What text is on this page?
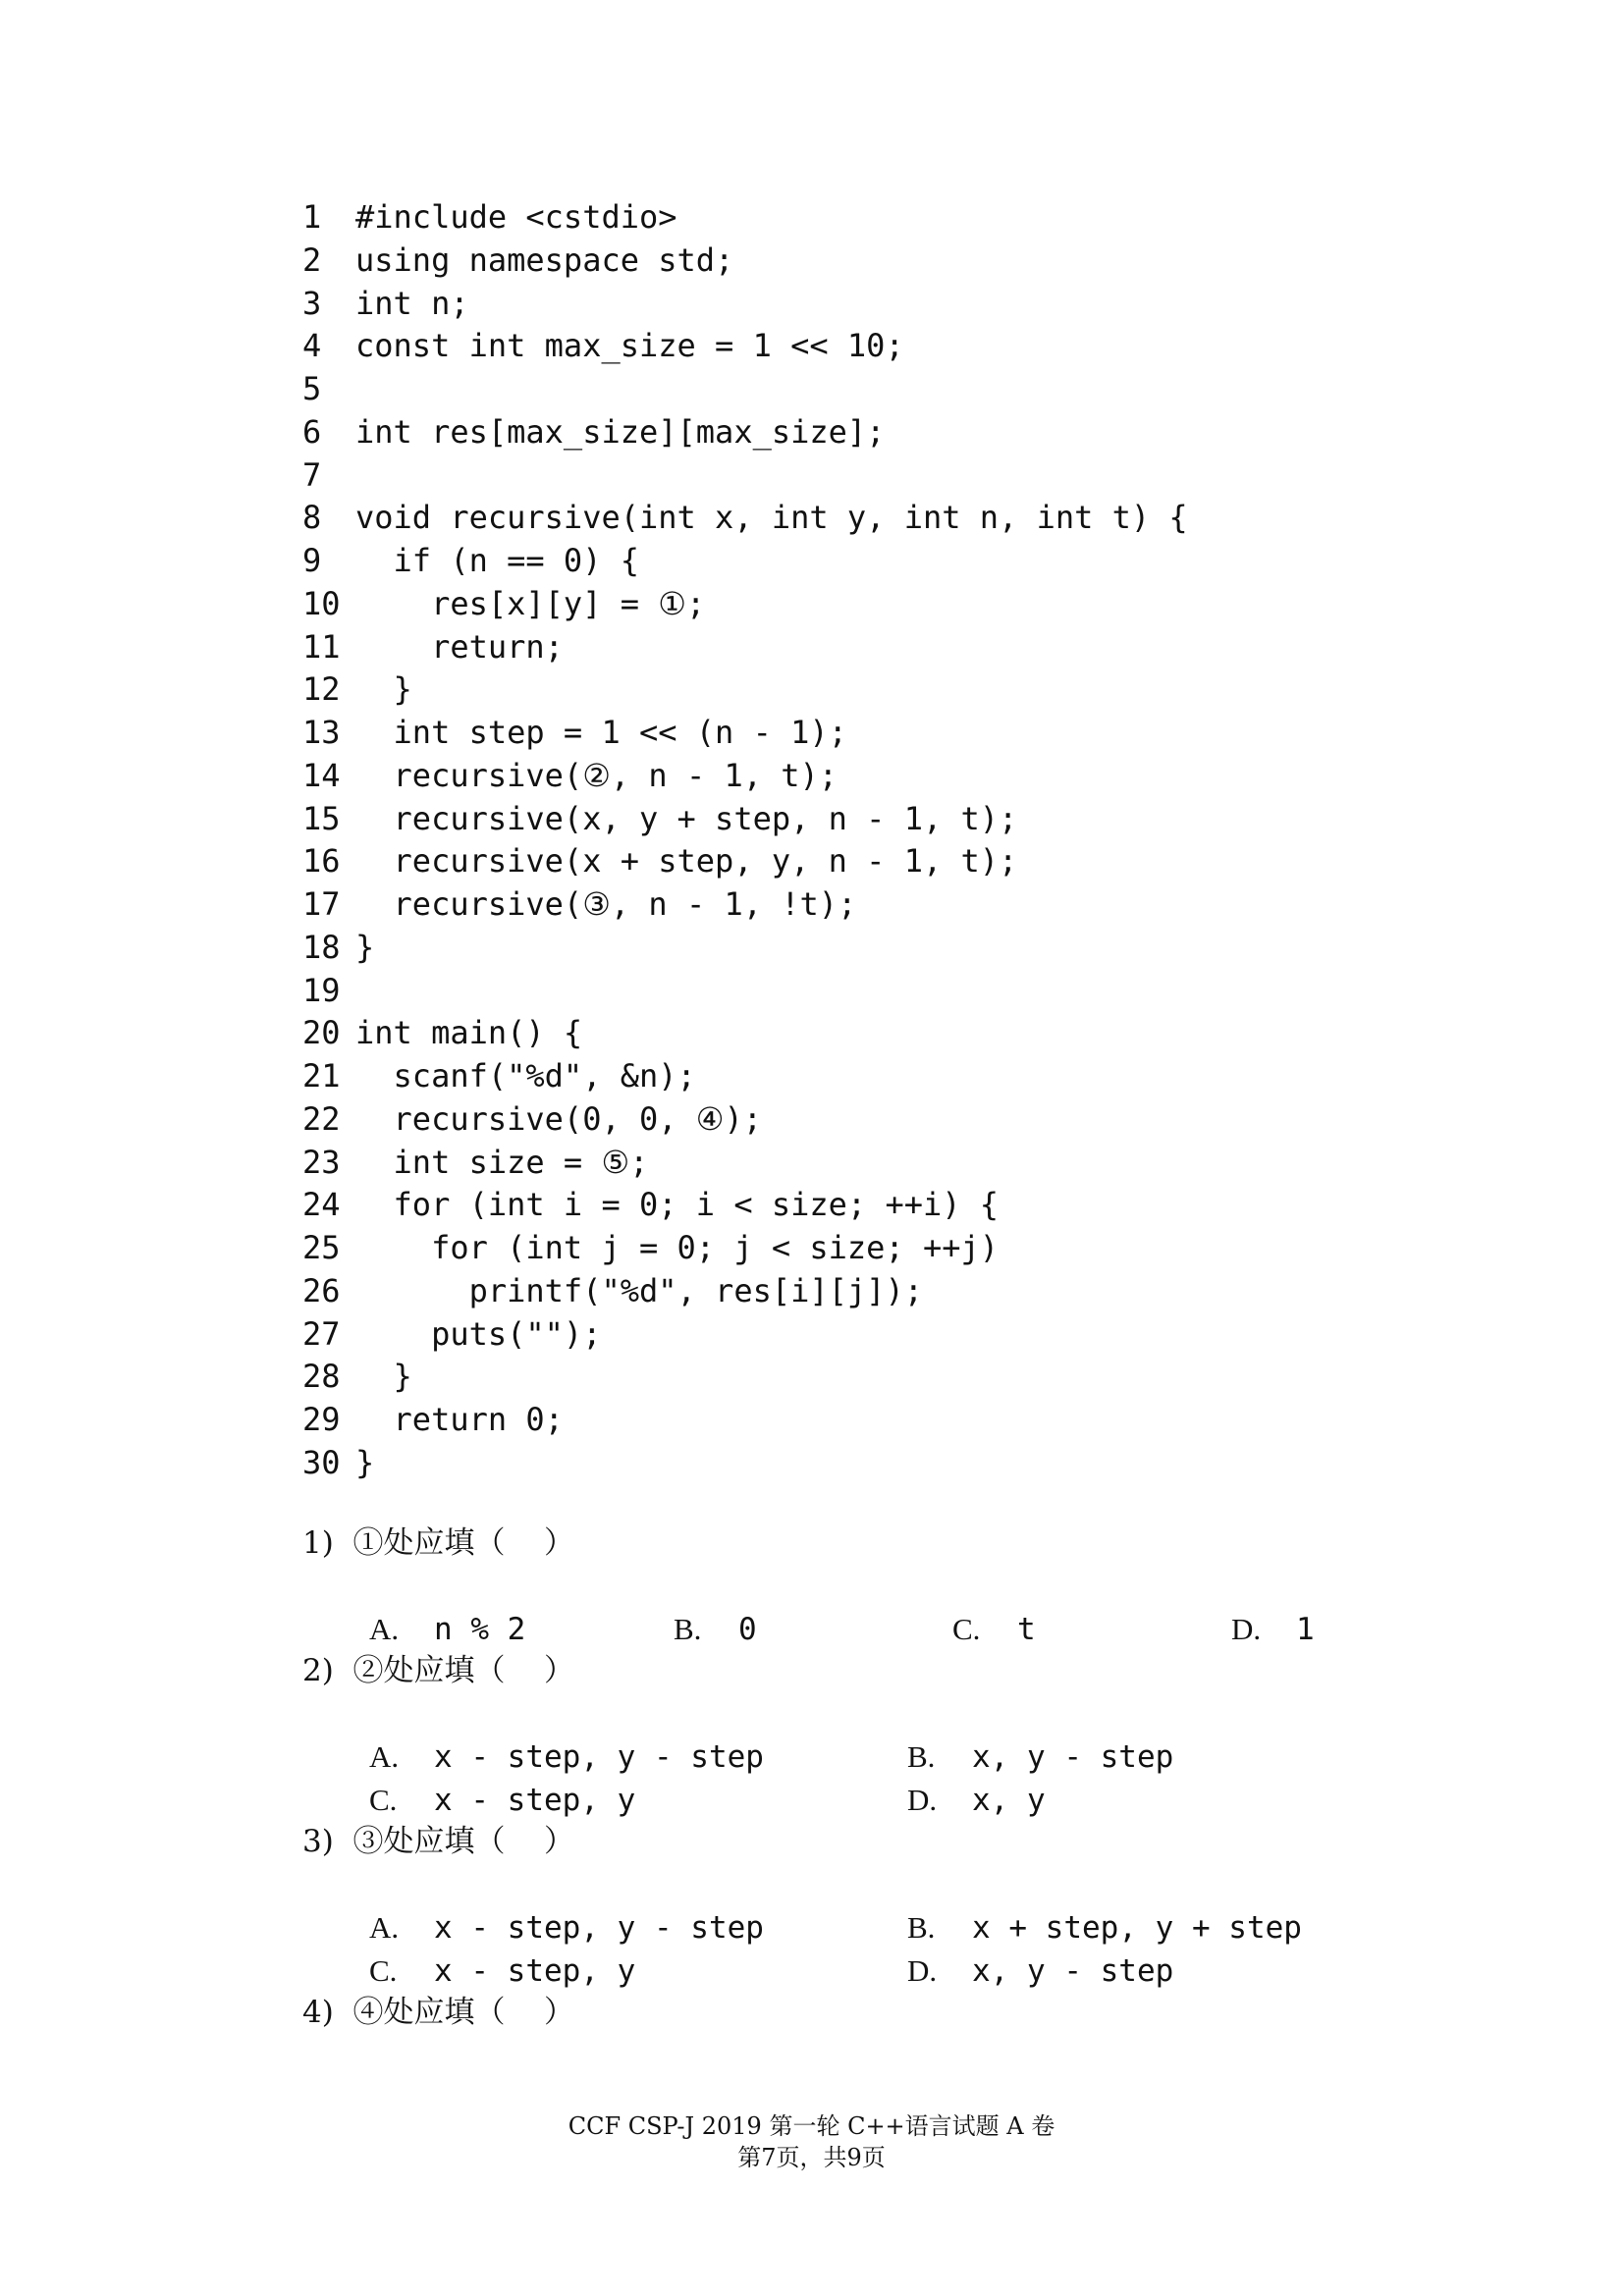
1 #include <cstdio>
2 using namespace std;
3 int n;
4 const int max_size = 1 << 10;
5
6 int res[max_size][max_size];
7
8 void recursive(int x, int y, int n, int t) {
9  if (n == 0) {
10    res[x][y] = ①;
11    return;
12  }
13  int step = 1 << (n - 1);
14  recursive(②, n - 1, t);
15  recursive(x, y + step, n - 1, t);
16  recursive(x + step, y, n - 1, t);
17  recursive(③, n - 1, !t);
18 }
19
20 int main() {
21  scanf("%d", &n);
22  recursive(0, 0, ④);
23  int size = ⑤;
24  for (int i = 0; i < size; ++i) {
25    for (int j = 0; j < size; ++j)
26      printf("%d", res[i][j]);
27    puts("");
28  }
29  return 0;
30 }
1)  ①处应填（    ）

A. n % 2
	B. 0
	C. t
	D. 1

2)  ②处应填（    ）

A. x - step, y - step
	B. x, y - step

C. x - step, y
	D. x, y

3)  ③处应填（    ）

A. x - step, y - step
	B. x + step, y + step

C. x - step, y
	D. x, y - step

4)  ④处应填（    ）
CCF CSP-J 2019 第一轮 C++语言试题 A 卷
第7页，共9页
